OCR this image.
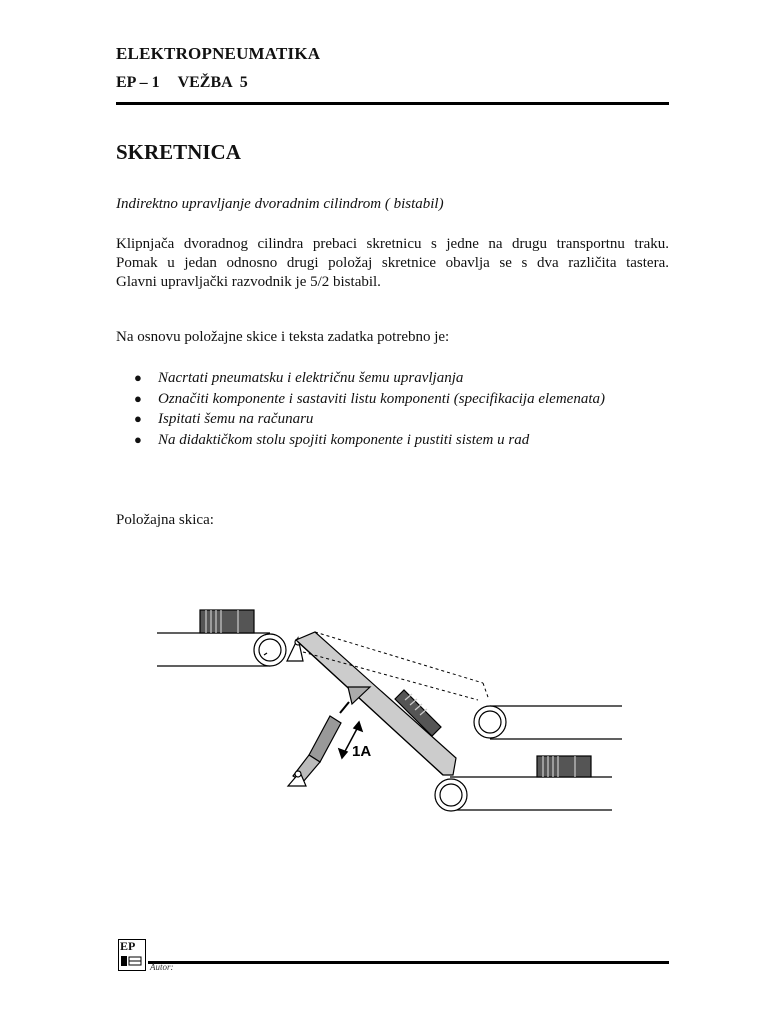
ELEKTROPNEUMATIKA
EP – 1 VEŽBA  5
SKRETNICA
Indirektno upravljanje dvoradnim cilindrom ( bistabil)

Klipnjača dvoradnog cilindra prebaci skretnicu s jedne na drugu transportnu traku.

Pomak u jedan odnosno drugi položaj skretnice obavlja se s dva različita tastera.

Glavni upravljački razvodnik je 5/2 bistabil.

Na osnovu položajne skice i teksta zadatka potrebno je:
● Nacrtati pneumatsku i električnu šemu upravljanja
● Označiti komponente i sastaviti listu komponenti (specifikacija elemenata)
● Ispitati šemu na računaru
● Na didaktičkom stolu spojiti komponente i pustiti sistem u rad
Položajna skica:
1A
EP
Autor:
